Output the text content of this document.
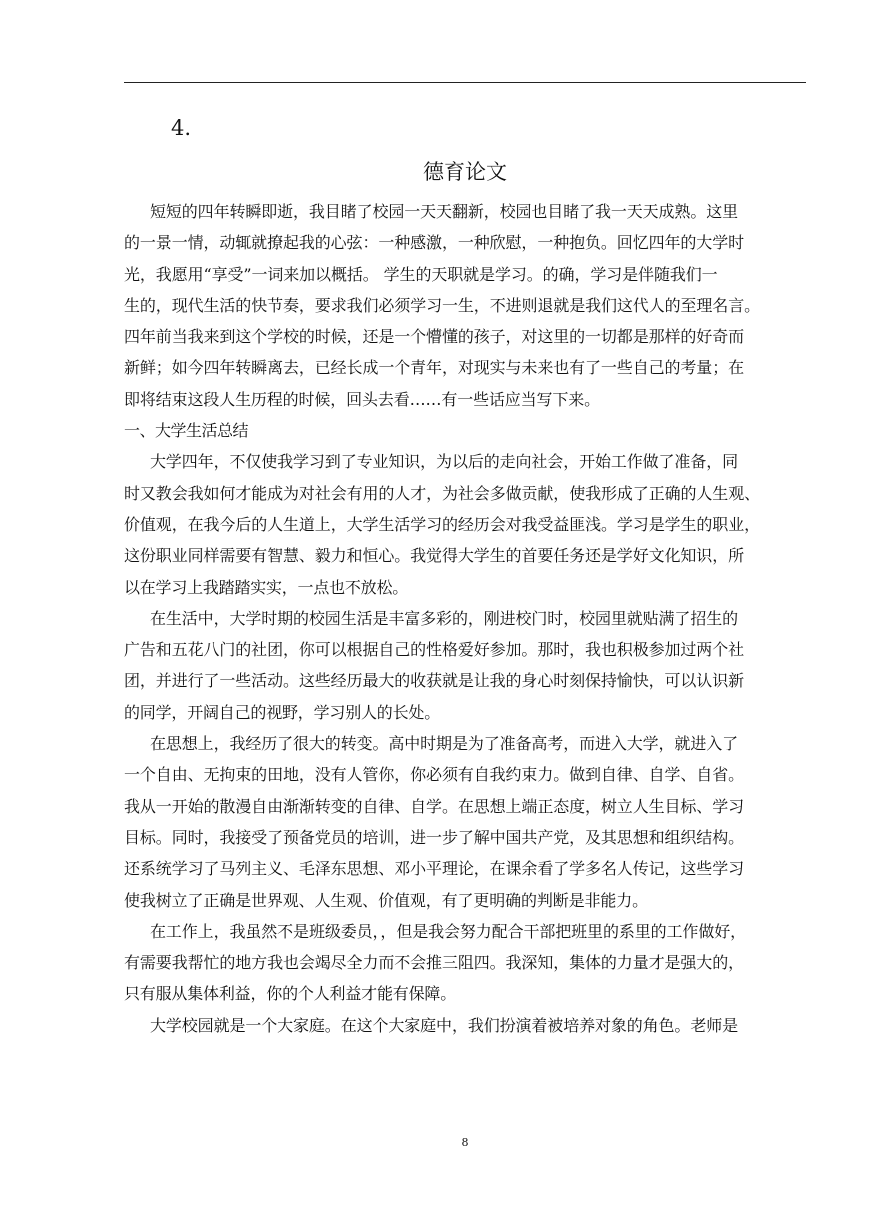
4.
德育论文
短短的四年转瞬即逝，我目睹了校园一天天翻新，校园也目睹了我一天天成熟。这里
的一景一情，动辄就撩起我的心弦：一种感激，一种欣慰，一种抱负。回忆四年的大学时
光，我愿用“享受”一词来加以概括。 学生的天职就是学习。的确，学习是伴随我们一
生的，现代生活的快节奏，要求我们必须学习一生，不进则退就是我们这代人的至理名言。
四年前当我来到这个学校的时候，还是一个懵懂的孩子，对这里的一切都是那样的好奇而
新鲜；如今四年转瞬离去，已经长成一个青年，对现实与未来也有了一些自己的考量；在
即将结束这段人生历程的时候，回头去看……有一些话应当写下来。
一、大学生活总结
大学四年，不仅使我学习到了专业知识，为以后的走向社会，开始工作做了准备，同
时又教会我如何才能成为对社会有用的人才，为社会多做贡献，使我形成了正确的人生观、
价值观，在我今后的人生道上，大学生活学习的经历会对我受益匪浅。学习是学生的职业，
这份职业同样需要有智慧、毅力和恒心。我觉得大学生的首要任务还是学好文化知识，所
以在学习上我踏踏实实，一点也不放松。
在生活中，大学时期的校园生活是丰富多彩的，刚进校门时，校园里就贴满了招生的
广告和五花八门的社团，你可以根据自己的性格爱好参加。那时，我也积极参加过两个社
团，并进行了一些活动。这些经历最大的收获就是让我的身心时刻保持愉快，可以认识新
的同学，开阔自己的视野，学习别人的长处。
在思想上，我经历了很大的转变。高中时期是为了准备高考，而进入大学，就进入了
一个自由、无拘束的田地，没有人管你，你必须有自我约束力。做到自律、自学、自省。
我从一开始的散漫自由渐渐转变的自律、自学。在思想上端正态度，树立人生目标、学习
目标。同时，我接受了预备党员的培训，进一步了解中国共产党，及其思想和组织结构。
还系统学习了马列主义、毛泽东思想、邓小平理论，在课余看了学多名人传记，这些学习
使我树立了正确是世界观、人生观、价值观，有了更明确的判断是非能力。
在工作上，我虽然不是班级委员，，但是我会努力配合干部把班里的系里的工作做好，
有需要我帮忙的地方我也会竭尽全力而不会推三阻四。我深知，集体的力量才是强大的，
只有服从集体利益，你的个人利益才能有保障。
大学校园就是一个大家庭。在这个大家庭中，我们扮演着被培养对象的角色。老师是
8
